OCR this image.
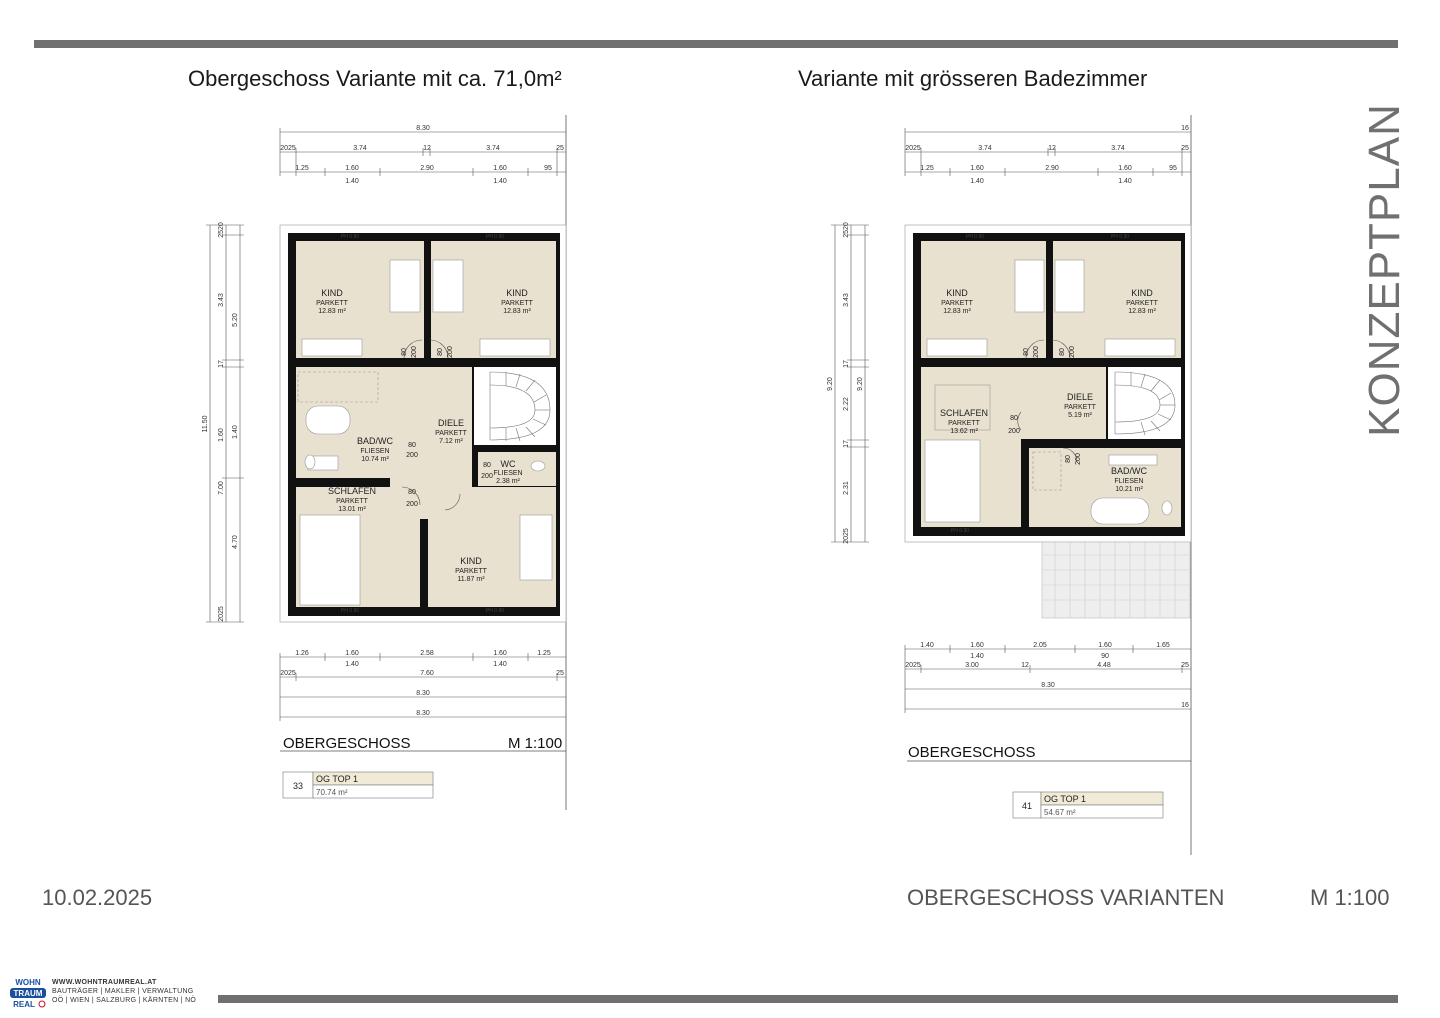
Obergeschoss Variante mit ca. 71,0m²	Variante mit grösseren Badezimmer
KONZEPTPLAN
8.30
2025	3.74	12	3.74	25
1.25	1.60
1.40
2.90	1.60
1.40
95
11.50
2520
3.43
5.20
17
1.60 1.40
7.00
4.70
2025
KIND
PARKETT
12.83 m²
KIND
PARKETT
12.83 m²
DIELE
PARKETT
7.12 m²
BAD/WC
FLIESEN
10.74 m²	WC
FLIESEN
2.38 m²
SCHLAFEN
PARKETT
13.01 m²
KIND
PARKETT
11.87 m²
80 200	80 200
80
200
80
200
80
200
PH 0.90	PH 0.90
PH 0.90	PH 0.90
1.26	1.60
1.40
2.58	1.60
1.40
1.25
2025	7.60	25
8.30
8.30
OBERGESCHOSS	M 1:100
33
OG TOP 1
70.74 m²
16
2025	3.74	12	3.74	25
1.25	1.60
1.40
2.90	1.60
1.40
95
9.20
2520
3.43
9.20
17
2.22
17
2.31
2025
KIND
PARKETT
12.83 m²
KIND
PARKETT
12.83 m²
SCHLAFEN
PARKETT
13.62 m²
DIELE
PARKETT
5.19 m²
BAD/WC
FLIESEN
10.21 m²
80 200	80 200
80
200
80 200
PH 0.90	PH 0.90
PH 0.90
1.40	1.60
1.40
2.05	1.60
90
1.65
2025	3.00	12	4.48	25
8.30
16
OBERGESCHOSS
41
OG TOP 1
54.67 m²
10.02.2025	OBERGESCHOSS VARIANTEN	M 1:100
WOHN
TRAUM
REAL
WWW.WOHNTRAUMREAL.AT
BAUTRÄGER | MAKLER | VERWALTUNG
OÖ | WIEN | SALZBURG | KÄRNTEN | NÖ
